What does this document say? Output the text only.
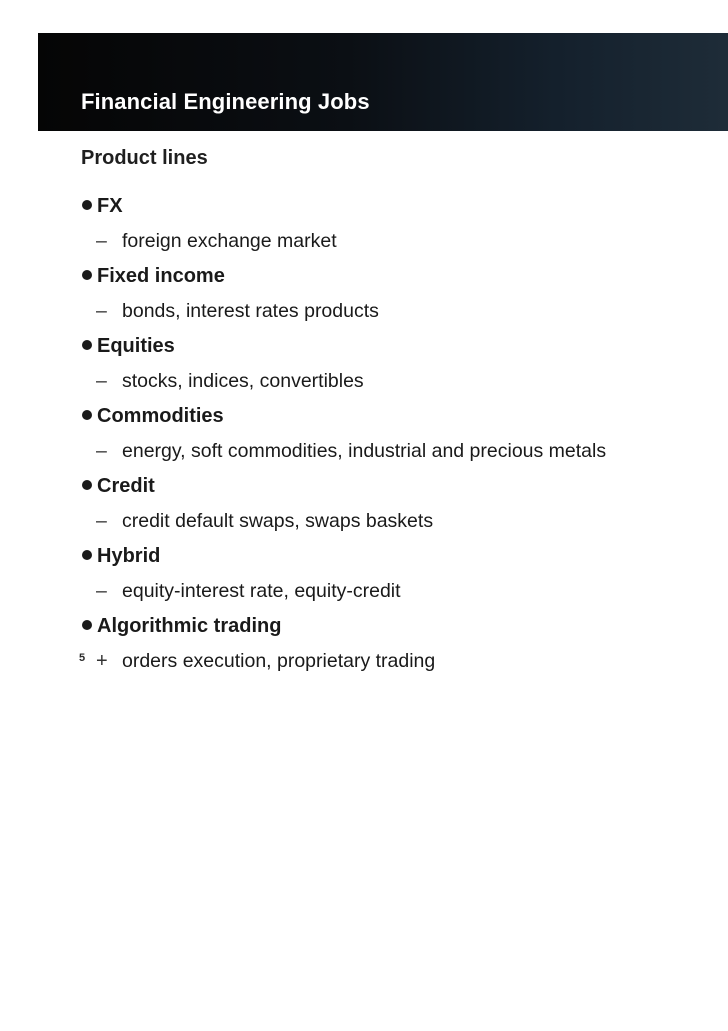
Financial Engineering Jobs
Product lines
FX
– foreign exchange market
Fixed income
– bonds, interest rates products
Equities
– stocks, indices, convertibles
Commodities
– energy, soft commodities, industrial and precious metals
Credit
– credit default swaps, swaps baskets
Hybrid
– equity-interest rate, equity-credit
Algorithmic trading
+ orders execution, proprietary trading
5
